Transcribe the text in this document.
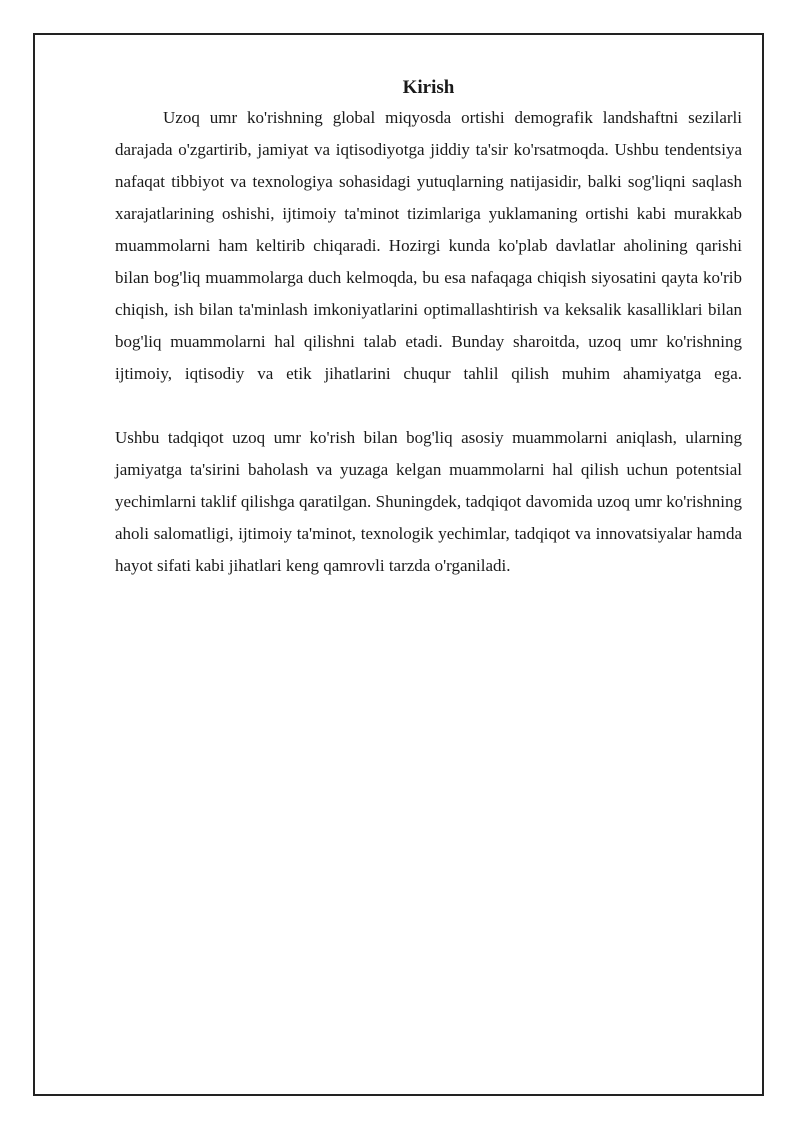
Kirish

Uzoq umr ko'rishning global miqyosda ortishi demografik landshaftni sezilarli darajada o'zgartirib, jamiyat va iqtisodiyotga jiddiy ta'sir ko'rsatmoqda. Ushbu tendentsiya nafaqat tibbiyot va texnologiya sohasidagi yutuqlarning natijasidir, balki sog'liqni saqlash xarajatlarining oshishi, ijtimoiy ta'minot tizimlariga yuklamaning ortishi kabi murakkab muammolarni ham keltirib chiqaradi. Hozirgi kunda ko'plab davlatlar aholining qarishi bilan bog'liq muammolarga duch kelmoqda, bu esa nafaqaga chiqish siyosatini qayta ko'rib chiqish, ish bilan ta'minlash imkoniyatlarini optimallashtirish va keksalik kasalliklari bilan bog'liq muammolarni hal qilishni talab etadi. Bunday sharoitda, uzoq umr ko'rishning ijtimoiy, iqtisodiy va etik jihatlarini chuqur tahlil qilish muhim ahamiyatga ega.

Ushbu tadqiqot uzoq umr ko'rish bilan bog'liq asosiy muammolarni aniqlash, ularning jamiyatga ta'sirini baholash va yuzaga kelgan muammolarni hal qilish uchun potentsial yechimlarni taklif qilishga qaratilgan. Shuningdek, tadqiqot davomida uzoq umr ko'rishning aholi salomatligi, ijtimoiy ta'minot, texnologik yechimlar, tadqiqot va innovatsiyalar hamda hayot sifati kabi jihatlari keng qamrovli tarzda o'rganiladi.
